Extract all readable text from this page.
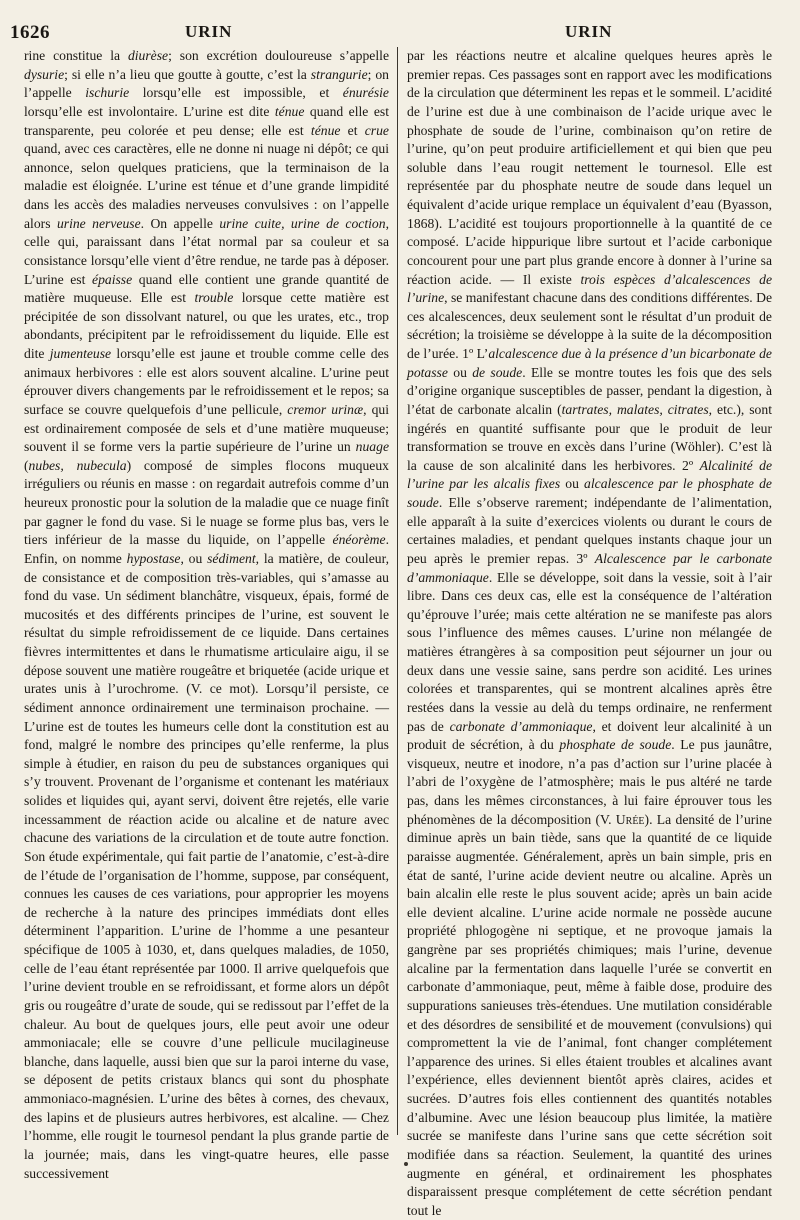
1626	URIN	URIN

rine constitue la diurèse; son excrétion douloureuse s’appelle dysurie; si elle n’a lieu que goutte à goutte, c’est la strangurie; on l’appelle ischurie lorsqu’elle est impossible, et énurésie lorsqu’elle est involontaire. L’urine est dite ténue quand elle est transparente, peu colorée et peu dense; elle est ténue et crue quand, avec ces caractères, elle ne donne ni nuage ni dépôt; ce qui annonce, selon quelques praticiens, que la terminaison de la maladie est éloignée. L’urine est ténue et d’une grande limpidité dans les accès des maladies nerveuses convulsives : on l’appelle alors urine nerveuse. On appelle urine cuite, urine de coction, celle qui, paraissant dans l’état normal par sa couleur et sa consistance lorsqu’elle vient d’être rendue, ne tarde pas à déposer. L’urine est épaisse quand elle contient une grande quantité de matière muqueuse. Elle est trouble lorsque cette matière est précipitée de son dissolvant naturel, ou que les urates, etc., trop abondants, précipitent par le refroidissement du liquide. Elle est dite jumenteuse lorsqu’elle est jaune et trouble comme celle des animaux herbivores : elle est alors souvent alcaline. L’urine peut éprouver divers changements par le refroidissement et le repos; sa surface se couvre quelquefois d’une pellicule, cremor urinæ, qui est ordinairement composée de sels et d’une matière muqueuse; souvent il se forme vers la partie supérieure de l’urine un nuage (nubes, nubecula) composé de simples flocons muqueux irréguliers ou réunis en masse : on regardait autrefois comme d’un heureux pronostic pour la solution de la maladie que ce nuage finît par gagner le fond du vase. Si le nuage se forme plus bas, vers le tiers inférieur de la masse du liquide, on l’appelle énéorème. Enfin, on nomme hypostase, ou sédiment, la matière, de couleur, de consistance et de composition très-variables, qui s’amasse au fond du vase. Un sédiment blanchâtre, visqueux, épais, formé de mucosités et des différents principes de l’urine, est souvent le résultat du simple refroidissement de ce liquide. Dans certaines fièvres intermittentes et dans le rhumatisme articulaire aigu, il se dépose souvent une matière rougeâtre et briquetée (acide urique et urates unis à l’urochrome. (V. ce mot). Lorsqu’il persiste, ce sédiment annonce ordinairement une terminaison prochaine. — L’urine est de toutes les humeurs celle dont la constitution est au fond, malgré le nombre des principes qu’elle renferme, la plus simple à étudier, en raison du peu de substances organiques qui s’y trouvent. Provenant de l’organisme et contenant les matériaux solides et liquides qui, ayant servi, doivent être rejetés, elle varie incessamment de réaction acide ou alcaline et de nature avec chacune des variations de la circulation et de toute autre fonction. Son étude expérimentale, qui fait partie de l’anatomie, c’est-à-dire de l’étude de l’organisation de l’homme, suppose, par conséquent, connues les causes de ces variations, pour approprier les moyens de recherche à la nature des principes immédiats dont elles déterminent l’apparition. L’urine de l’homme a une pesanteur spécifique de 1005 à 1030, et, dans quelques maladies, de 1050, celle de l’eau étant représentée par 1000. Il arrive quelquefois que l’urine devient trouble en se refroidissant, et forme alors un dépôt gris ou rougeâtre d’urate de soude, qui se redissout par l’effet de la chaleur. Au bout de quelques jours, elle peut avoir une odeur ammoniacale; elle se couvre d’une pellicule mucilagineuse blanche, dans laquelle, aussi bien que sur la paroi interne du vase, se déposent de petits cristaux blancs qui sont du phosphate ammoniaco-magnésien. L’urine des bêtes à cornes, des chevaux, des lapins et de plusieurs autres herbivores, est alcaline. — Chez l’homme, elle rougit le tournesol pendant la plus grande partie de la journée; mais, dans les vingt-quatre heures, elle passe successivement

par les réactions neutre et alcaline quelques heures après le premier repas. Ces passages sont en rapport avec les modifications de la circulation que déterminent les repas et le sommeil. L’acidité de l’urine est due à une combinaison de l’acide urique avec le phosphate de soude de l’urine, combinaison qu’on retire de l’urine, qu’on peut produire artificiellement et qui bien que peu soluble dans l’eau rougit nettement le tournesol. Elle est représentée par du phosphate neutre de soude dans lequel un équivalent d’acide urique remplace un équivalent d’eau (Byasson, 1868). L’acidité est toujours proportionnelle à la quantité de ce composé. L’acide hippurique libre surtout et l’acide carbonique concourent pour une part plus grande encore à donner à l’urine sa réaction acide. — Il existe trois espèces d’alcalescences de l’urine, se manifestant chacune dans des conditions différentes. De ces alcalescences, deux seulement sont le résultat d’un produit de sécrétion; la troisième se développe à la suite de la décomposition de l’urée. 1º L’alcalescence due à la présence d’un bicarbonate de potasse ou de soude. Elle se montre toutes les fois que des sels d’origine organique susceptibles de passer, pendant la digestion, à l’état de carbonate alcalin (tartrates, malates, citrates, etc.), sont ingérés en quantité suffisante pour que le produit de leur transformation se trouve en excès dans l’urine (Wöhler). C’est là la cause de son alcalinité dans les herbivores. 2º Alcalinité de l’urine par les alcalis fixes ou alcalescence par le phosphate de soude. Elle s’observe rarement; indépendante de l’alimentation, elle apparaît à la suite d’exercices violents ou durant le cours de certaines maladies, et pendant quelques instants chaque jour un peu après le premier repas. 3º Alcalescence par le carbonate d’ammoniaque. Elle se développe, soit dans la vessie, soit à l’air libre. Dans ces deux cas, elle est la conséquence de l’altération qu’éprouve l’urée; mais cette altération ne se manifeste pas alors sous l’influence des mêmes causes. L’urine non mélangée de matières étrangères à sa composition peut séjourner un jour ou deux dans une vessie saine, sans perdre son acidité. Les urines colorées et transparentes, qui se montrent alcalines après être restées dans la vessie au delà du temps ordinaire, ne renferment pas de carbonate d’ammoniaque, et doivent leur alcalinité à un produit de sécrétion, à du phosphate de soude. Le pus jaunâtre, visqueux, neutre et inodore, n’a pas d’action sur l’urine placée à l’abri de l’oxygène de l’atmosphère; mais le pus altéré ne tarde pas, dans les mêmes circonstances, à lui faire éprouver tous les phénomènes de la décomposition (V. Urée). La densité de l’urine diminue après un bain tiède, sans que la quantité de ce liquide paraisse augmentée. Généralement, après un bain simple, pris en état de santé, l’urine acide devient neutre ou alcaline. Après un bain alcalin elle reste le plus souvent acide; après un bain acide elle devient alcaline. L’urine acide normale ne possède aucune propriété phlogogène ni septique, et ne provoque jamais la gangrène par ses propriétés chimiques; mais l’urine, devenue alcaline par la fermentation dans laquelle l’urée se convertit en carbonate d’ammoniaque, peut, même à faible dose, produire des suppurations sanieuses très-étendues. Une mutilation considérable et des désordres de sensibilité et de mouvement (convulsions) qui compromettent la vie de l’animal, font changer complétement l’apparence des urines. Si elles étaient troubles et alcalines avant l’expérience, elles deviennent bientôt après claires, acides et sucrées. D’autres fois elles contiennent des quantités notables d’albumine. Avec une lésion beaucoup plus limitée, la matière sucrée se manifeste dans l’urine sans que cette sécrétion soit modifiée dans sa réaction. Seulement, la quantité des urines augmente en général, et ordinairement les phosphates disparaissent presque complétement de cette sécrétion pendant tout le
